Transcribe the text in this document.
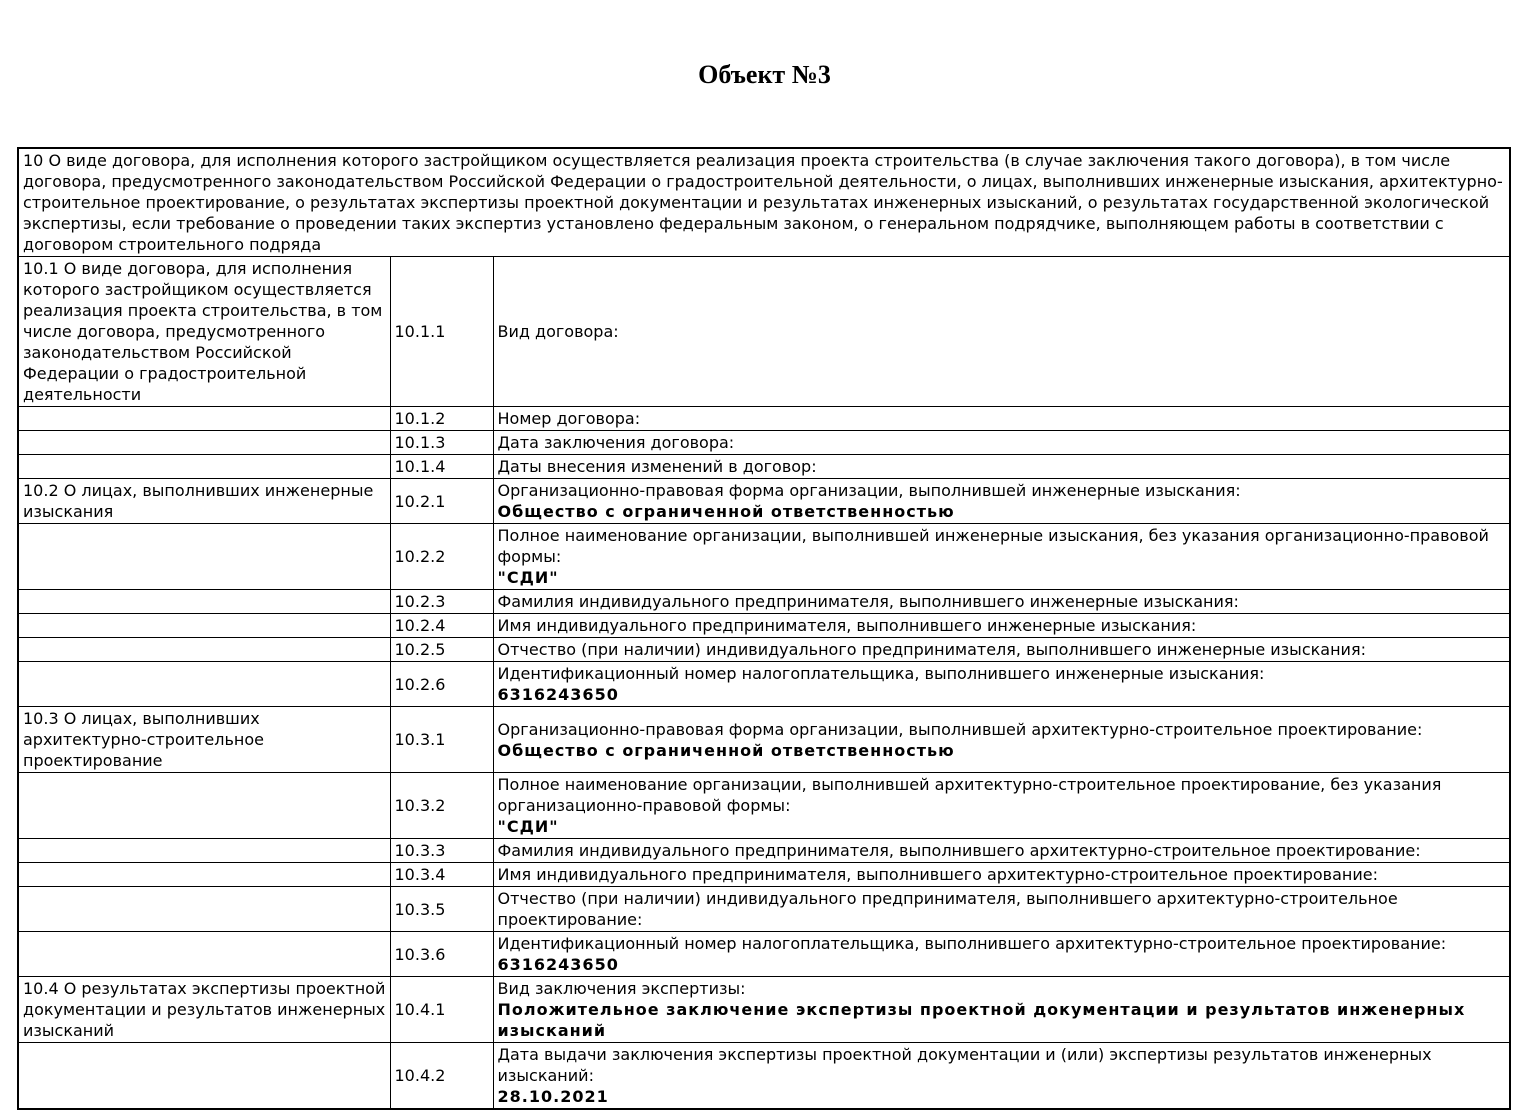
Объект №3
10 О виде договора, для исполнения которого застройщиком осуществляется реализация проекта строительства (в случае заключения такого договора), в том числе договора, предусмотренного законодательством Российской Федерации о градостроительной деятельности, о лицах, выполнивших инженерные изыскания, архитектурно-строительное проектирование, о результатах экспертизы проектной документации и результатах инженерных изысканий, о результатах государственной экологической экспертизы, если требование о проведении таких экспертиз установлено федеральным законом, о генеральном подрядчике, выполняющем работы в соответствии с договором строительного подряда		
10.1 О виде договора, для исполнения которого застройщиком осуществляется реализация проекта строительства, в том числе договора, предусмотренного законодательством Российской Федерации о градостроительной деятельности	10.1.1	Вид договора:

	10.1.2	Номер договора:

	10.1.3	Дата заключения договора:

	10.1.4	Даты внесения изменений в договор:

10.2 О лицах, выполнивших инженерные изыскания	10.2.1	Организационно-правовая форма организации, выполнившей инженерные изыскания:
Общество с ограниченной ответственностью

	10.2.2	Полное наименование организации, выполнившей инженерные изыскания, без указания организационно-правовой формы:
"СДИ"

	10.2.3	Фамилия индивидуального предпринимателя, выполнившего инженерные изыскания:

	10.2.4	Имя индивидуального предпринимателя, выполнившего инженерные изыскания:

	10.2.5	Отчество (при наличии) индивидуального предпринимателя, выполнившего инженерные изыскания:

	10.2.6	Идентификационный номер налогоплательщика, выполнившего инженерные изыскания:
6316243650

10.3 О лицах, выполнивших архитектурно-строительное проектирование	10.3.1	Организационно-правовая форма организации, выполнившей архитектурно-строительное проектирование:
Общество с ограниченной ответственностью

	10.3.2	Полное наименование организации, выполнившей архитектурно-строительное проектирование, без указания организационно-правовой формы:
"СДИ"

	10.3.3	Фамилия индивидуального предпринимателя, выполнившего архитектурно-строительное проектирование:

	10.3.4	Имя индивидуального предпринимателя, выполнившего архитектурно-строительное проектирование:

	10.3.5	Отчество (при наличии) индивидуального предпринимателя, выполнившего архитектурно-строительное проектирование:

	10.3.6	Идентификационный номер налогоплательщика, выполнившего архитектурно-строительное проектирование:
6316243650

10.4 О результатах экспертизы проектной документации и результатов инженерных изысканий	10.4.1	Вид заключения экспертизы:
Положительное заключение экспертизы проектной документации и результатов инженерных изысканий

	10.4.2	Дата выдачи заключения экспертизы проектной документации и (или) экспертизы результатов инженерных изысканий:
28.10.2021
